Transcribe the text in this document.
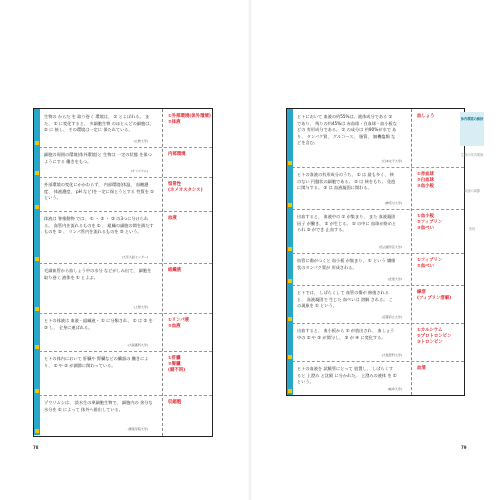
生物の からだ を 取り巻く 環境は、 ① とよばれる。 また、 ① に変化すると、 多細胞生物 のほとんどの細胞は、 ② に 接し、 その環境は一定に 保たれている。
(立教大学)
①外部環境(体外環境)
②体液
細胞の周囲の環境(体外環境)と 生物は 一定の状態 を保つようにする 働きをもつ。
(オリジナル)
内部環境
外部環境の変化にかかわらず、 内部環境(体温、 血糖濃度、 体液濃度、 pH など)を一定に保とうとする 性質を ① という。
恒常性
(ホメオスタシス)
体液は 脊椎動物 では、 ① ・ ② ・ ③ の3つに分けられる。 血管内を流れるものを ① 、 組織の細胞の間を満たすものを ② 、 リンパ管内を流れるものを ③ という。
(大学入試センター)
血液
毛細血管から血しょう中の水分 などがしみ出て、 細胞を取り巻く 液体を ① とよぶ。
(上智大学)
組織液
ヒトの体液は 血液・組織液・ ① に分類され、 ① は ② を ③ し、 全身に運ばれる。
(大阪薬科大学)
①リンパ液
②血液
ヒトの体内において 肝臓や 腎臓などの臓器の 働きにより、 ① や ② が調節に関わっている。
①肝臓
②腎臓
(順不同)
ゾウリムシは、 淡水生の単細胞生物で、 細胞内の 余分な水分を ① によって 体外へ排出している。
(関東学院大学)
収縮胞
78
ヒトにおいて 血液の約55%は、液体成分である ① であり、 残りの約45%は 赤血球・白血球・血小板などの 有形成分である。 ① の成分は 約90%が水で あり、 タンパク質、 グルコース、 脂質、 無機塩類 などを含む。
(日本女子大学)
血しょう
ヒトの血液の有形成分のうち、 ① は 最も多く、 核のない 円盤状の細胞である。 ② は 核をもち、 免疫に関与する。 ③ は 血液凝固に関わる。
(神奈川大学)
①赤血球
②白血球
③血小板
出血すると、 血液中の ① が集まり、 また 血液凝固因子 が働き、 ② が生じる。 ② の中に 血球が絡めとられ ③ ができ 止血する。
(名古屋学芸大学)
①血小板
②フィブリン
③血ぺい
血管に傷がつくと 血小板 が集まり、 ① という 繊維状のタンパク質が 形成される。
(北里大学)
①フィブリン
②血ぺい
ヒトでは、 しばらくして 血管の傷が 修復されると、 血液凝固で 生じた 血ぺいは 溶解 される。 この現象を ① という。
(京都府立大学)
線溶
(フィブリン溶解)
出血すると、 血小板から ① が放出され、 血しょう中の ② や ③ が関与し、 ③ が ④ に変化する。
(大阪医科大学)
①カルシウム
②プロトロンビン
③トロンビン
ヒトの血液を 試験管にとって 放置し、 しばらくすると 上澄み と沈殿 に分かれた。 上澄みの液体 を ① という。
(岐阜大学)
血清
79
体内環境の維持
生物の体内環境
体液の調節
免疫
